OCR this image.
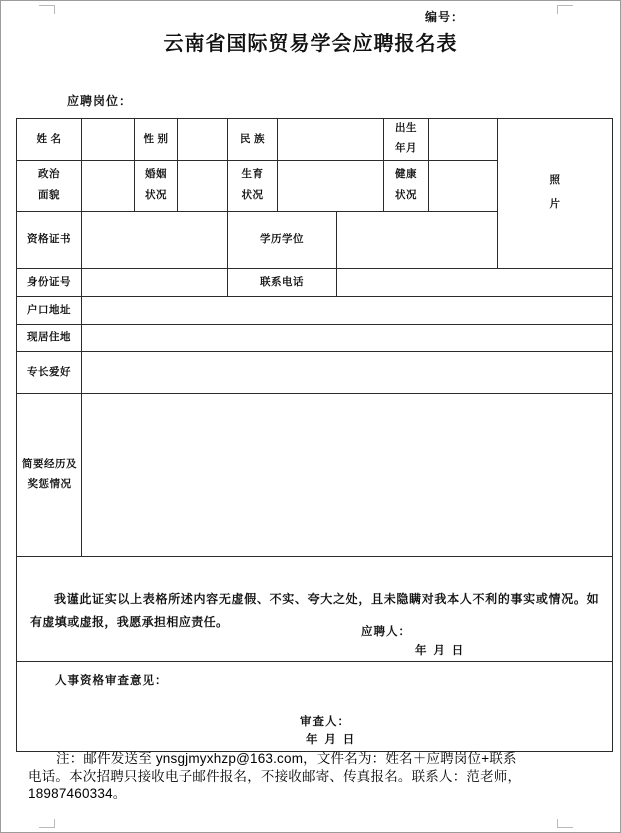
编号：
云南省国际贸易学会应聘报名表
应聘岗位：
姓 名		性 别		民 族			出生年月		照片
政治面貌		婚姻状况		生育状况			健康状况		
资格证书				学历学位					
身份证号				联系电话					
户口地址									
现居住地									
专长爱好									
简要经历及奖惩情况									

我谨此证实以上表格所述内容无虚假、不实、夸大之处，且未隐瞒对我本人不利的事实或情况。如有虚填或虚报，我愿承担相应责任。

应聘人：
年 月 日									

人事资格审查意见：
审查人：
年 月 日									
注：邮件发送至 ynsgjmyxhzp@163.com，文件名为：姓名＋应聘岗位+联系
电话。本次招聘只接收电子邮件报名，不接收邮寄、传真报名。联系人：范老师，
18987460334。
